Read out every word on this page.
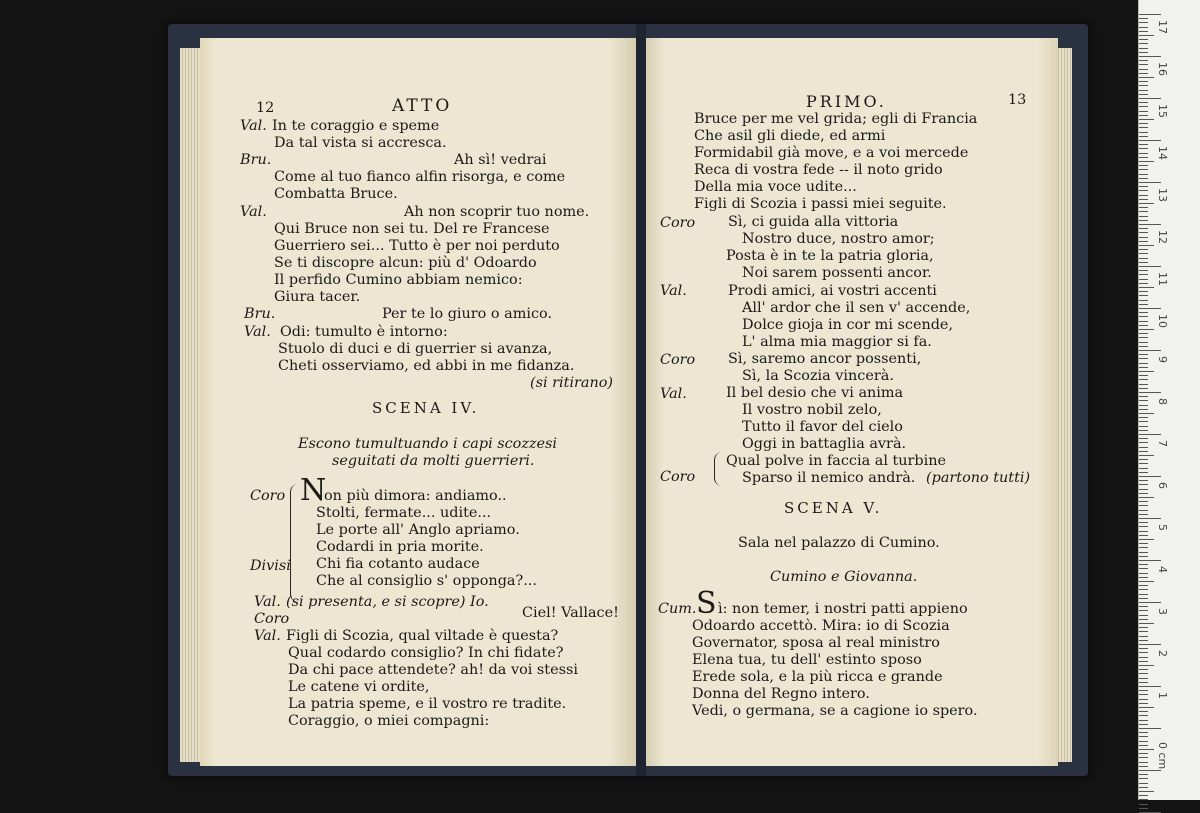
12	ATTO
Val. In te coraggio e speme
Da tal vista si accresca.
Bru.	Ah sì! vedrai
Come al tuo fianco alfin risorga, e come
Combatta Bruce.
Val.	Ah non scoprir tuo nome.
Qui Bruce non sei tu. Del re Francese
Guerriero sei... Tutto è per noi perduto
Se ti discopre alcun: più d' Odoardo
Il perfido Cumino abbiam nemico:
Giura tacer.
Bru.	Per te lo giuro o amico.
Val. Odi: tumulto è intorno:
Stuolo di duci e di guerrier si avanza,
Cheti osserviamo, ed abbi in me fidanza.
(si ritirano)
SCENA IV.
Escono tumultuando i capi scozzesi
seguitati da molti guerrieri.
Coro N
on più dimora: andiamo..
Stolti, fermate... udite...
Le porte all' Anglo apriamo.
Codardi in pria morite.
Divisi Chi fia cotanto audace
Che al consiglio s' opponga?...
Val. (si presenta, e si scopre) Io.
Coro	Ciel! Vallace!
Val. Figli di Scozia, qual viltade è questa?
Qual codardo consiglio? In chi fidate?
Da chi pace attendete? ah! da voi stessi
Le catene vi ordite,
La patria speme, e il vostro re tradite.
Coraggio, o miei compagni:
PRIMO.	13
Bruce per me vel grida; egli di Francia
Che asil gli diede, ed armi
Formidabil già move, e a voi mercede
Reca di vostra fede -- il noto grido
Della mia voce udite...
Figli di Scozia i passi miei seguite.
Coro Sì, ci guida alla vittoria
Nostro duce, nostro amor;
Posta è in te la patria gloria,
Noi sarem possenti ancor.
Val.	Prodi amici, ai vostri accenti
All' ardor che il sen v' accende,
Dolce gioja in cor mi scende,
L' alma mia maggior si fa.
Coro Sì, saremo ancor possenti,
Sì, la Scozia vincerà.
Val.	Il bel desio che vi anima
Il vostro nobil zelo,
Tutto il favor del cielo
Oggi in battaglia avrà.
Qual polve in faccia al turbine
Coro	Sparso il nemico andrà. (partono tutti)
SCENA V.
Sala nel palazzo di Cumino.
Cumino e Giovanna.
Cum. S ì: non temer, i nostri patti appieno
Odoardo accettò. Mira: io di Scozia
Governator, sposa al real ministro
Elena tua, tu dell' estinto sposo
Erede sola, e la più ricca e grande
Donna del Regno intero.
Vedi, o germana, se a cagione io spero.
17
16
15
14
13
12
11
10
9
8
7
6
5
4
3
2
1
0 cm
